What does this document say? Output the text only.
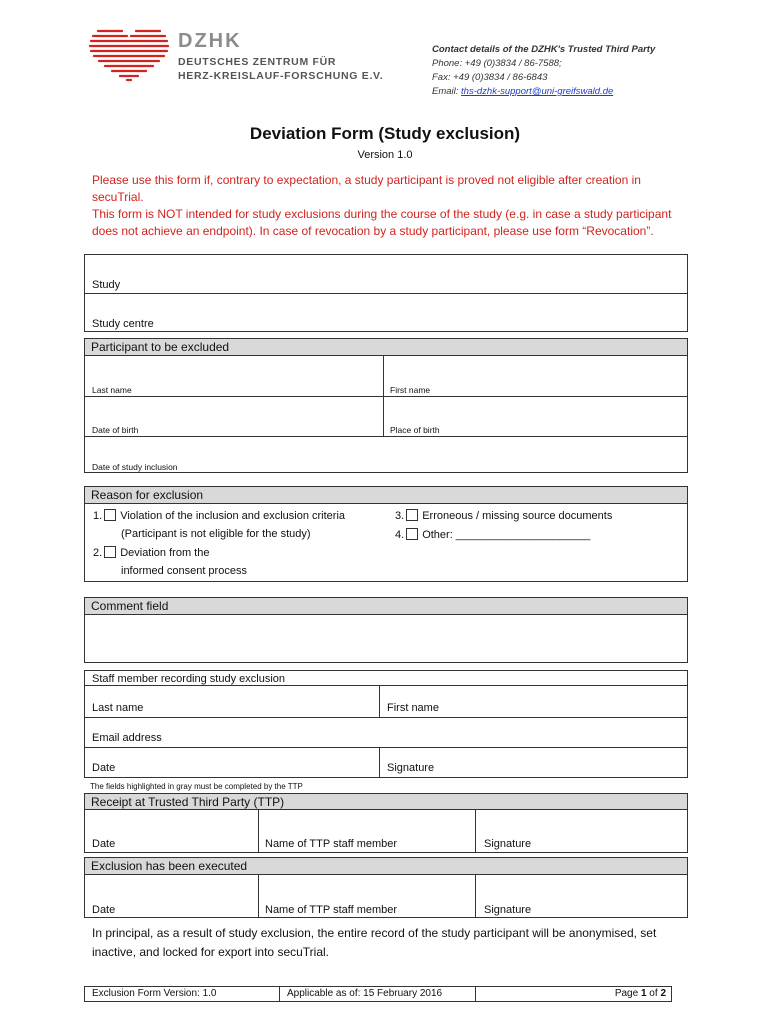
DZHK
DEUTSCHES ZENTRUM FÜR
HERZ-KREISLAUF-FORSCHUNG E.V.
Contact details of the DZHK's Trusted Third Party
Phone: +49 (0)3834 / 86-7588;
Fax: +49 (0)3834 / 86-6843
Email: ths-dzhk-support@uni-greifswald.de
Deviation Form (Study exclusion)
Version 1.0

Please use this form if, contrary to expectation, a study participant is proved not eligible after creation in secuTrial.

This form is NOT intended for study exclusions during the course of the study (e.g. in case a study participant does not achieve an endpoint). In case of revocation by a study participant, please use form “Revocation”.

Study
Study centre
Participant to be excluded
Last name	First name
Date of birth	Place of birth
Date of study inclusion
Reason for exclusion
1. Violation of the inclusion and exclusion criteria
(Participant is not eligible for the study)
2. Deviation from the
informed consent process
3. Erroneous / missing source documents
4. Other: ______________________
Comment field
Staff member recording study exclusion
Last name	First name
Email address
Date	Signature
The fields highlighted in gray must be completed by the TTP
Receipt at Trusted Third Party (TTP)
Date	Name of TTP staff member	Signature
Exclusion has been executed
Date	Name of TTP staff member	Signature
In principal, as a result of study exclusion, the entire record of the study participant will be anonymised, set inactive, and locked for export into secuTrial.
Exclusion Form Version: 1.0	Applicable as of: 15 February 2016	Page 1 of 2
